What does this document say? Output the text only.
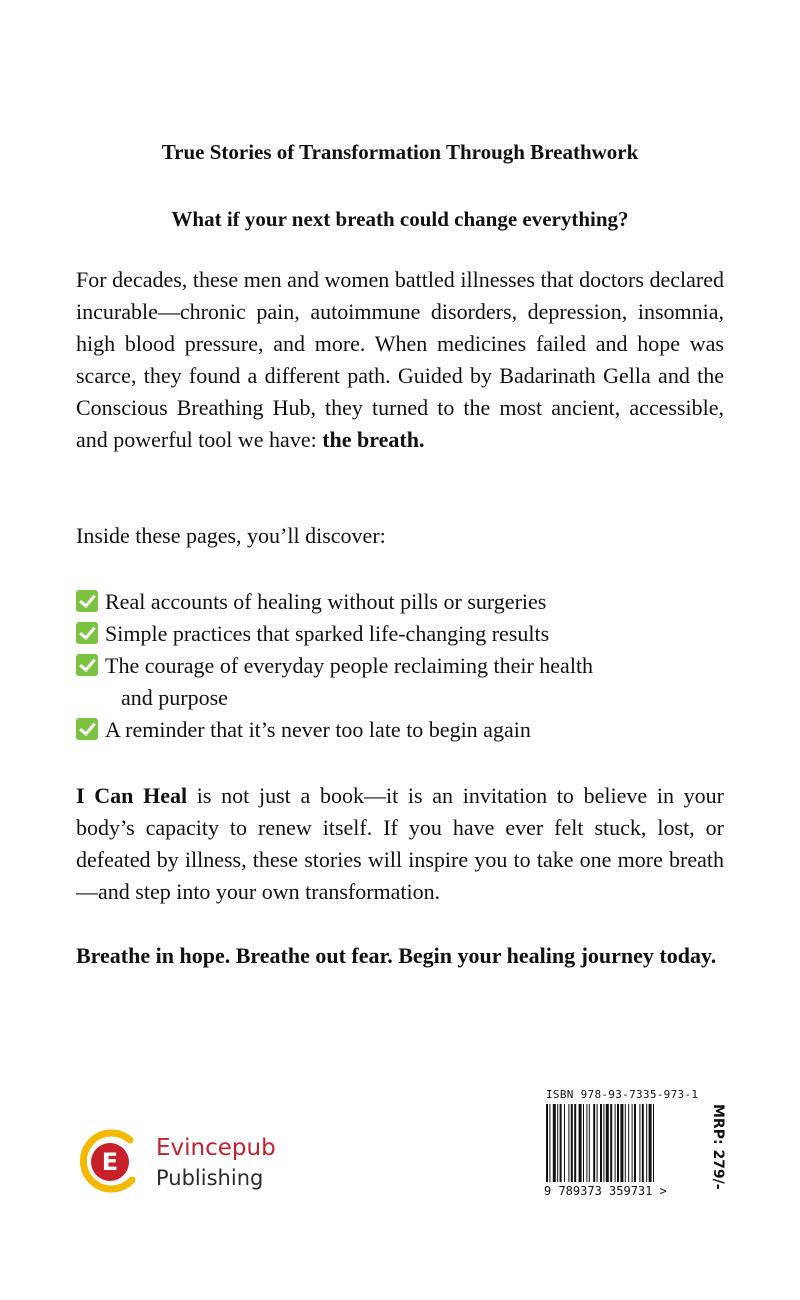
True Stories of Transformation Through Breathwork
What if your next breath could change everything?

For decades, these men and women battled illnesses that doctors declared incurable—chronic pain, autoimmune disorders, depression, insomnia, high blood pressure, and more. When medicines failed and hope was scarce, they found a different path. Guided by Badarinath Gella and the Conscious Breathing Hub, they turned to the most ancient, accessible, and powerful tool we have: the breath.

Inside these pages, you’ll discover:

Real accounts of healing without pills or surgeries
Simple practices that sparked life-changing results
The courage of everyday people reclaiming their health
and purpose
A reminder that it’s never too late to begin again

I Can Heal is not just a book—it is an invitation to believe in your body’s capacity to renew itself. If you have ever felt stuck, lost, or defeated by illness, these stories will inspire you to take one more breath—and step into your own transformation.

Breathe in hope. Breathe out fear. Begin your healing journey today.

E Evincepub
Publishing
ISBN 978-93-7335-973-1
9 789373 359731 >
MRP: 279/-
